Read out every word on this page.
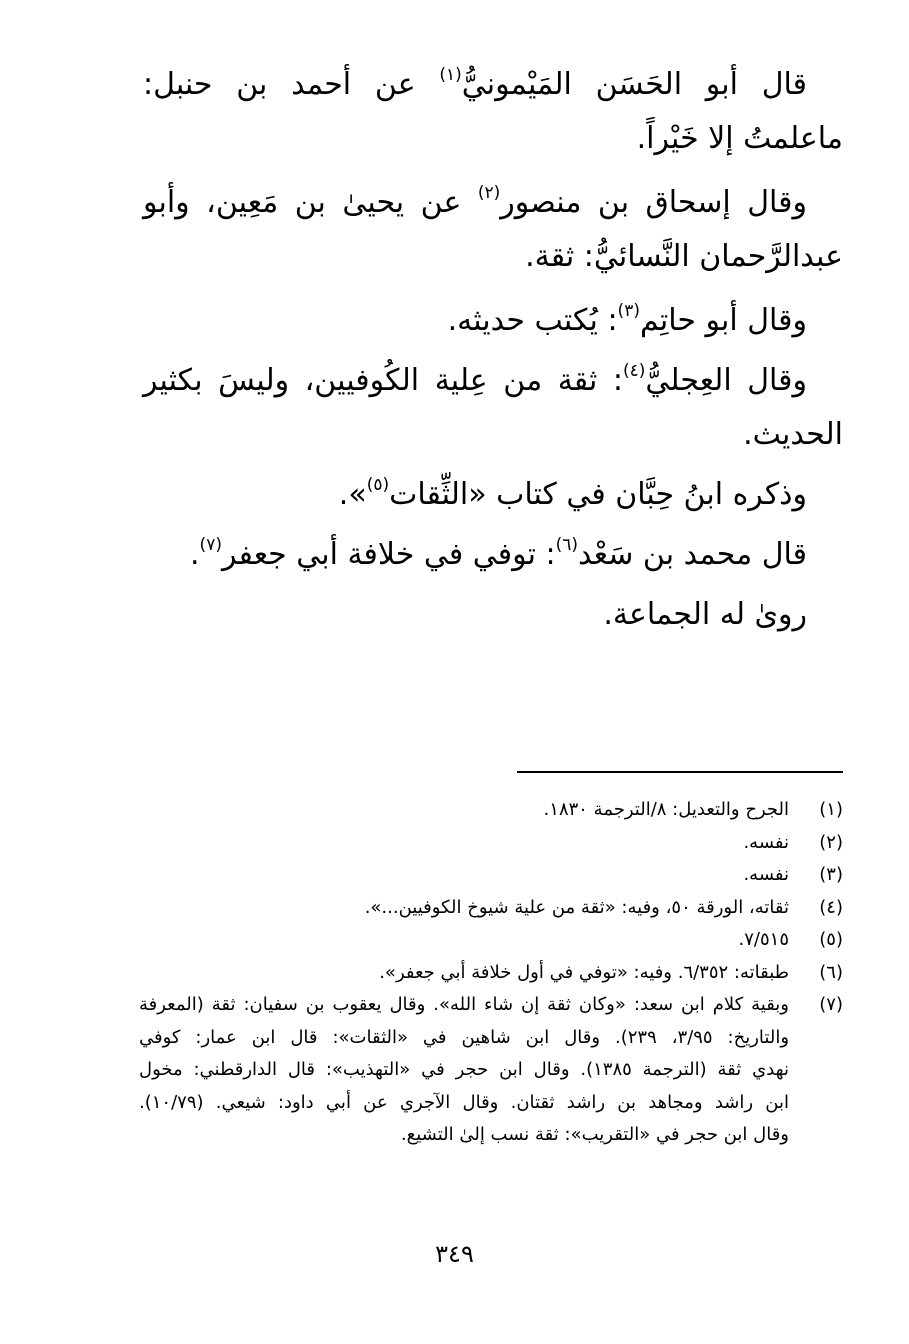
قال أبو الحَسَن المَيْمونيُّ$^{(١)}$ عن أحمد بن حنبل: ماعلمتُ إلا خَيْراً.

وقال إسحاق بن منصور$^{(٢)}$ عن يحيىٰ بن مَعِين، وأبو عبدالرَّحمان النَّسائيُّ: ثقة.

وقال أبو حاتِم$^{(٣)}$: يُكتب حديثه.

وقال العِجليُّ$^{(٤)}$: ثقة من عِلية الكُوفيين، وليسَ بكثير الحديث.

وذكره ابنُ حِبَّان في كتاب «الثِّقات$^{(٥)}$».

قال محمد بن سَعْد$^{(٦)}$: توفي في خلافة أبي جعفر$^{(٧)}$.

روىٰ له الجماعة.

(١)
الجرح والتعديل: ٨/الترجمة ١٨٣٠.
(٢)
نفسه.
(٣)
نفسه.
(٤)
ثقاته، الورقة ٥٠، وفيه: «ثقة من علية شيوخ الكوفيين...».
(٥)
٧/٥١٥.
(٦)
طبقاته: ٦/٣٥٢. وفيه: «توفي في أول خلافة أبي جعفر».
(٧)
وبقية كلام ابن سعد: «وكان ثقة إن شاء الله». وقال يعقوب بن سفيان: ثقة (المعرفة
والتاريخ: ٣/٩٥، ٢٣٩). وقال ابن شاهين في «الثقات»: قال ابن عمار: كوفي
نهدي ثقة (الترجمة ١٣٨٥). وقال ابن حجر في «التهذيب»: قال الدارقطني: مخول
ابن راشد ومجاهد بن راشد ثقتان. وقال الآجري عن أبي داود: شيعي. (١٠/٧٩).
وقال ابن حجر في «التقريب»: ثقة نسب إلىٰ التشيع.
٣٤٩
